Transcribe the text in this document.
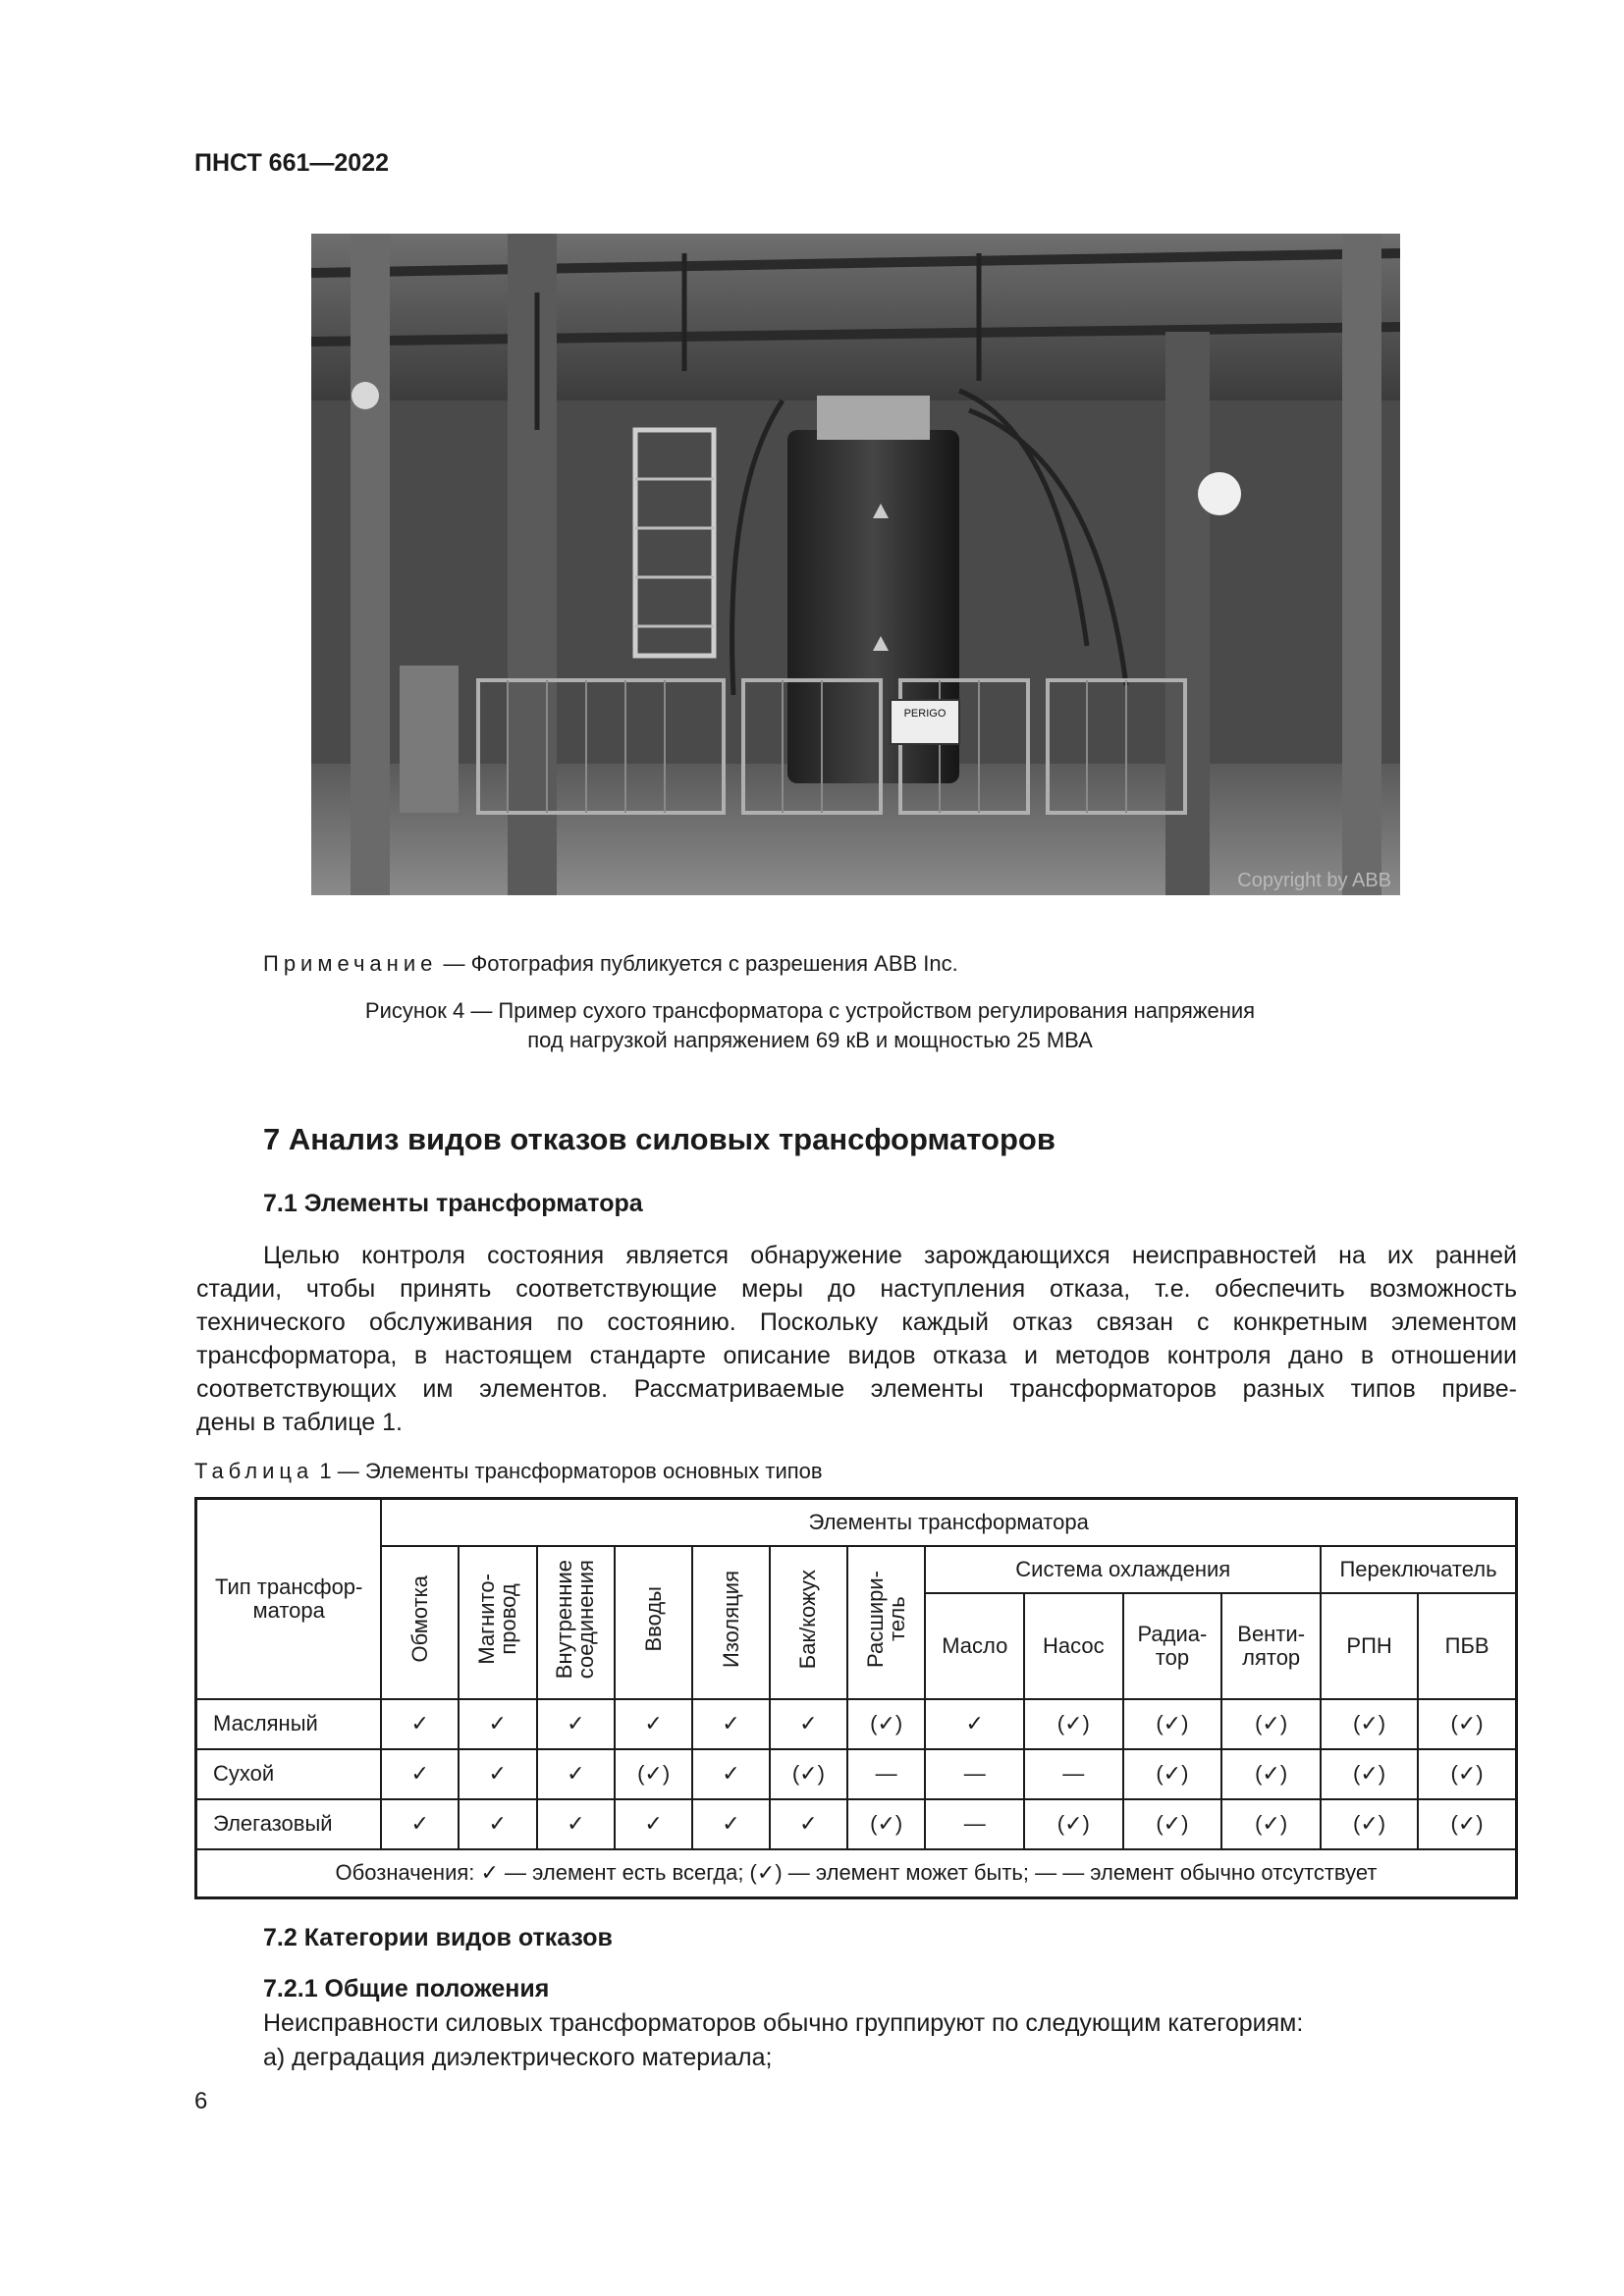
ПНСТ 661—2022
PERIGO
Copyright by ABB
Примечание — Фотография публикуется с разрешения ABB Inc.
Рисунок 4 — Пример сухого трансформатора с устройством регулирования напряжения
под нагрузкой напряжением 69 кВ и мощностью 25 МВА
7 Анализ видов отказов силовых трансформаторов
7.1 Элементы трансформатора
Целью контроля состояния является обнаружение зарождающихся неисправностей на их ранней
стадии, чтобы принять соответствующие меры до наступления отказа, т.е. обеспечить возможность
технического обслуживания по состоянию. Поскольку каждый отказ связан с конкретным элементом
трансформатора, в настоящем стандарте описание видов отказа и методов контроля дано в отношении
соответствующих им элементов. Рассматриваемые элементы трансформаторов разных типов приве-
дены в таблице 1.
Таблица 1 — Элементы трансформаторов основных типов
Тип трансфор-
матора	Элементы трансформатора												
	Обмотка	Магнито-
провод	Внутренние
соединения	Вводы	Изоляция	Бак/кожух	Расшири-
тель	Система охлаждения				Переключатель	
								Масло	Насос	Радиа-
тор	Венти-
лятор	РПН	ПБВ
Масляный	✓	✓	✓	✓	✓	✓	(✓)	✓	(✓)	(✓)	(✓)	(✓)	(✓)
Сухой	✓	✓	✓	(✓)	✓	(✓)	—	—	—	(✓)	(✓)	(✓)	(✓)
Элегазовый	✓	✓	✓	✓	✓	✓	(✓)	—	(✓)	(✓)	(✓)	(✓)	(✓)
Обозначения: ✓ — элемент есть всегда; (✓) — элемент может быть; — — элемент обычно отсутствует													
7.2 Категории видов отказов
7.2.1 Общие положения
Неисправности силовых трансформаторов обычно группируют по следующим категориям:
а) деградация диэлектрического материала;
6
